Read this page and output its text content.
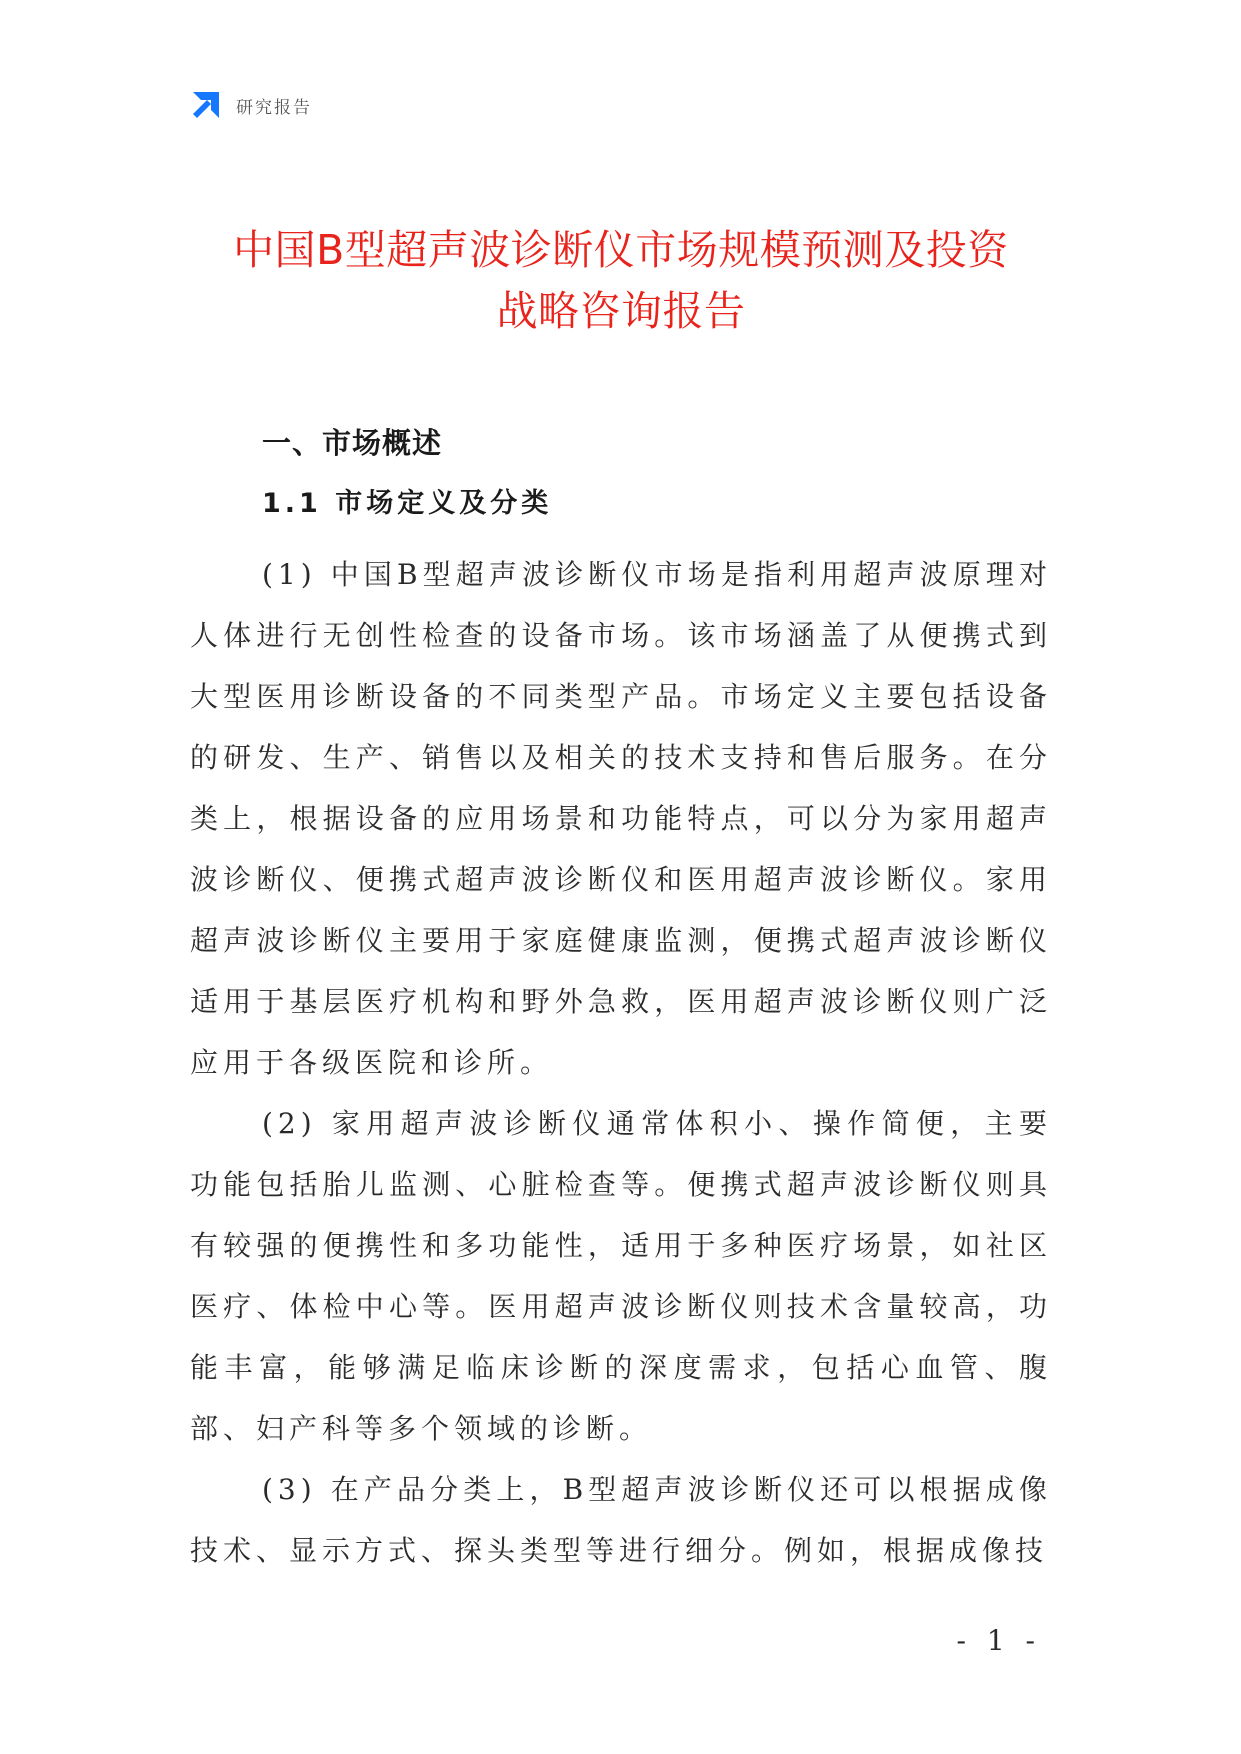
研究报告
中国B型超声波诊断仪市场规模预测及投资
战略咨询报告
一、市场概述
1.1 市场定义及分类

(1) 中国B型超声波诊断仪市场是指利用超声波原理对人体进行无创性检查的设备市场。该市场涵盖了从便携式到大型医用诊断设备的不同类型产品。市场定义主要包括设备的研发、生产、销售以及相关的技术支持和售后服务。在分类上，根据设备的应用场景和功能特点，可以分为家用超声波诊断仪、便携式超声波诊断仪和医用超声波诊断仪。家用超声波诊断仪主要用于家庭健康监测，便携式超声波诊断仪适用于基层医疗机构和野外急救，医用超声波诊断仪则广泛应用于各级医院和诊所。

(2) 家用超声波诊断仪通常体积小、操作简便，主要功能包括胎儿监测、心脏检查等。便携式超声波诊断仪则具有较强的便携性和多功能性，适用于多种医疗场景，如社区医疗、体检中心等。医用超声波诊断仪则技术含量较高，功能丰富，能够满足临床诊断的深度需求，包括心血管、腹部、妇产科等多个领域的诊断。

(3) 在产品分类上，B型超声波诊断仪还可以根据成像技术、显示方式、探头类型等进行细分。例如，根据成像技

- 1 -
